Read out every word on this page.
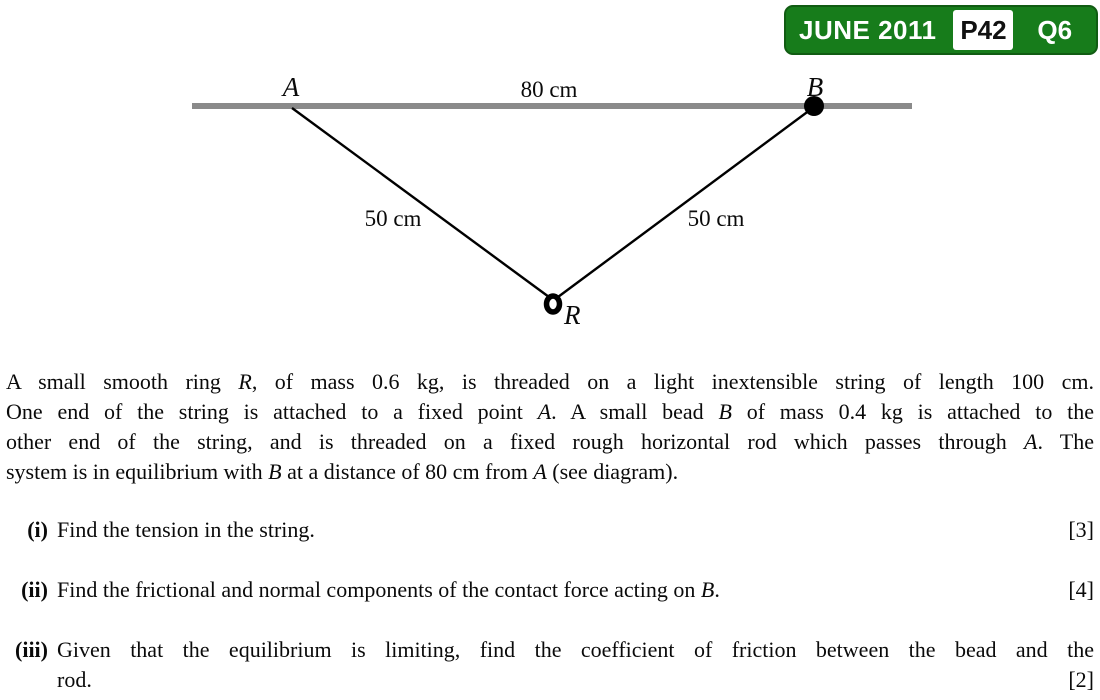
JUNE 2011 P42	Q6
A	B
80 cm
50 cm	50 cm
R
A small smooth ring R, of mass 0.6 kg, is threaded on a light inextensible string of length 100 cm.
One end of the string is attached to a fixed point A. A small bead B of mass 0.4 kg is attached to the
other end of the string, and is threaded on a fixed rough horizontal rod which passes through A. The
system is in equilibrium with B at a distance of 80 cm from A (see diagram).
(i) Find the tension in the string.	[3]
(ii) Find the frictional and normal components of the contact force acting on B.	[4]
(iii) Given that the equilibrium is limiting, find the coefficient of friction between the bead and the
rod.	[2]
